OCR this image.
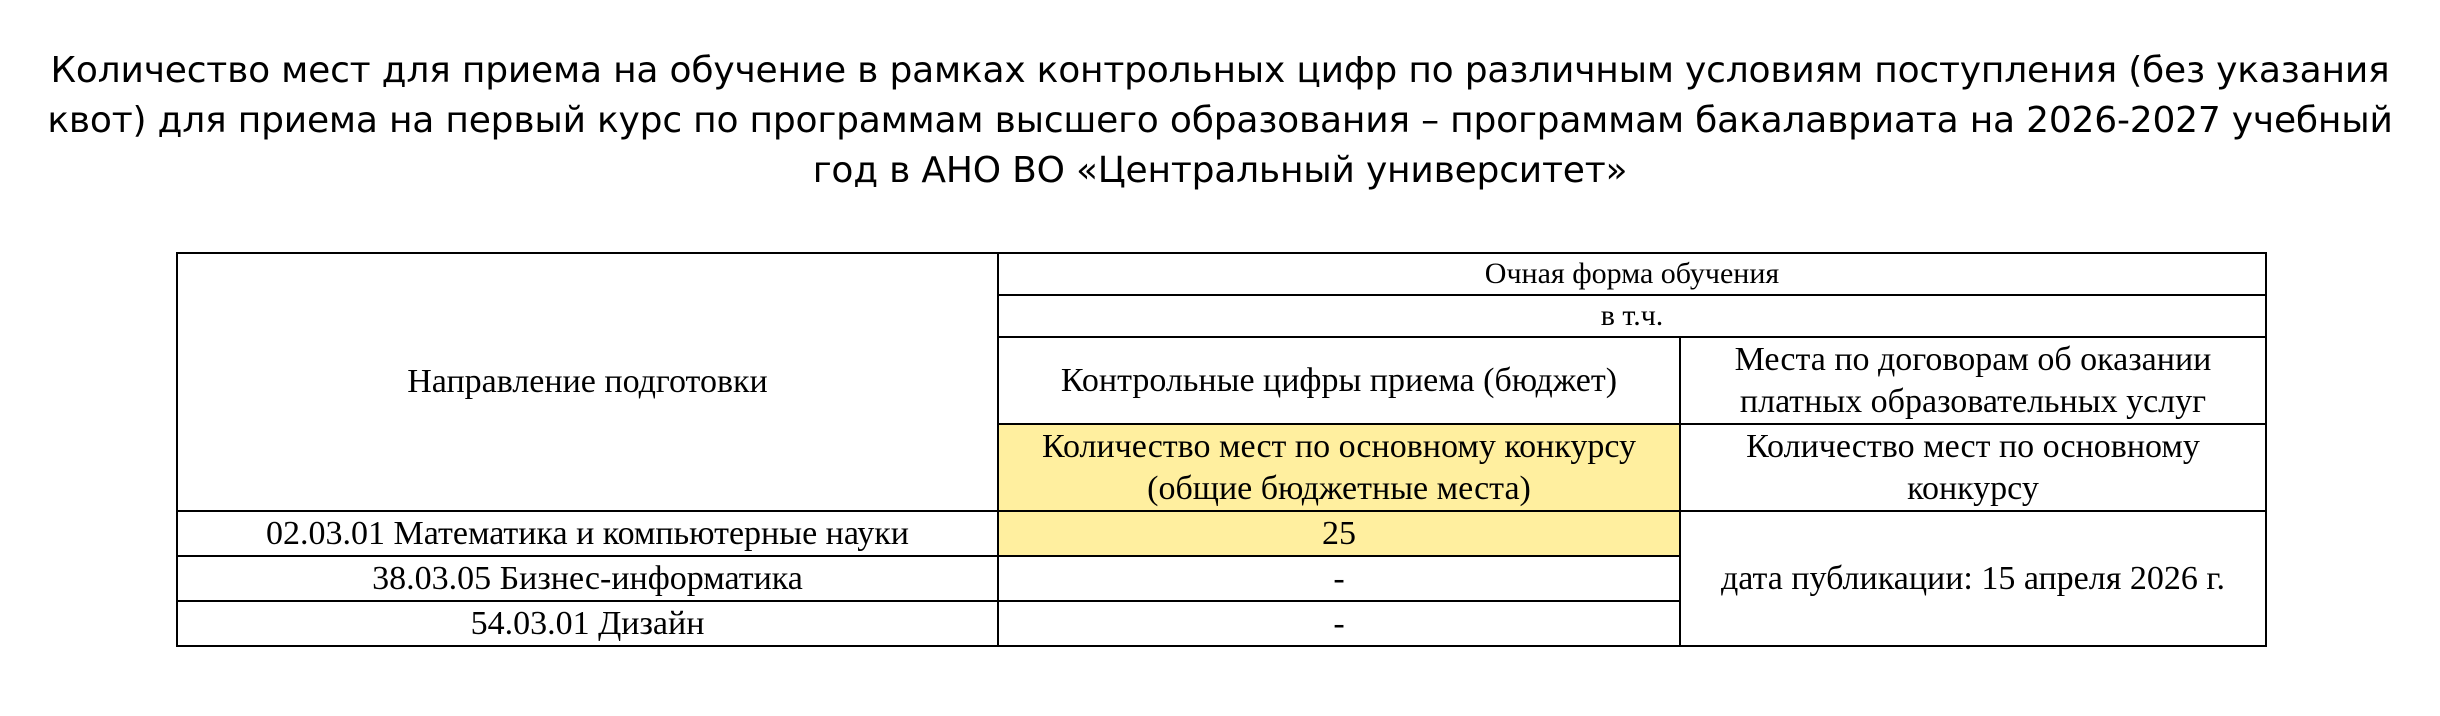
Количество мест для приема на обучение в рамках контрольных цифр по различным условиям поступления (без указания квот) для приема на первый курс по программам высшего образования – программам бакалавриата на 2026-2027 учебный год в АНО ВО «Центральный университет»
Направление подготовки	Очная форма обучения	
	в т.ч.	
	Контрольные цифры приема (бюджет)	Места по договорам об оказании платных образовательных услуг
	Количество мест по основному конкурсу (общие бюджетные места)	Количество мест по основному конкурсу
02.03.01 Математика и компьютерные науки	25	дата публикации: 15 апреля 2026 г.
38.03.05 Бизнес-информатика	-	
54.03.01 Дизайн	-	
